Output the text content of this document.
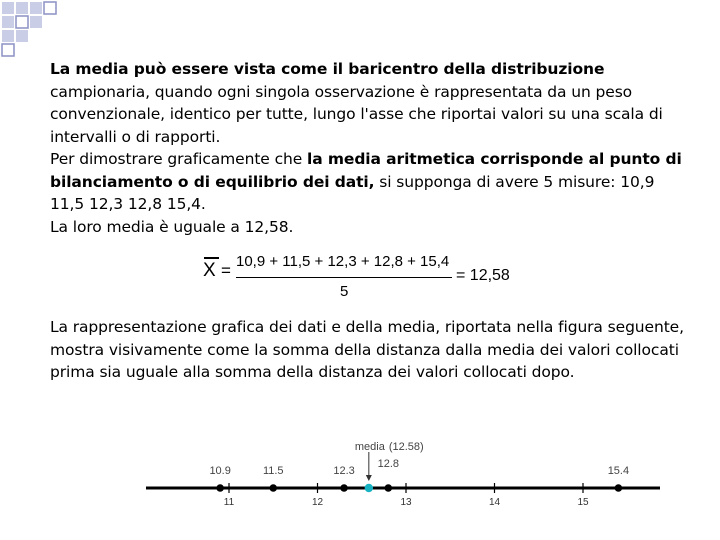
La media può essere vista come il baricentro della distribuzione campionaria, quando ogni singola osservazione è rappresentata da un peso convenzionale, identico per tutte, lungo l'asse che riportai valori su una scala di intervalli o di rapporti.

Per dimostrare graficamente che la media aritmetica corrisponde al punto di bilanciamento o di equilibrio dei dati, si supponga di avere 5 misure: 10,9 11,5 12,3 12,8 15,4.

La loro media è uguale a 12,58.

X = 10,9 + 11,5 + 12,3 + 12,8 + 15,4
5
= 12,58

La rappresentazione grafica dei dati e della media, riportata nella figura seguente, mostra visivamente come la somma della distanza dalla media dei valori collocati prima sia uguale alla somma della distanza dei valori collocati dopo.

11	12	13	14	15
10.9	11.5	12.3
12.8
15.4
media (12.58)
